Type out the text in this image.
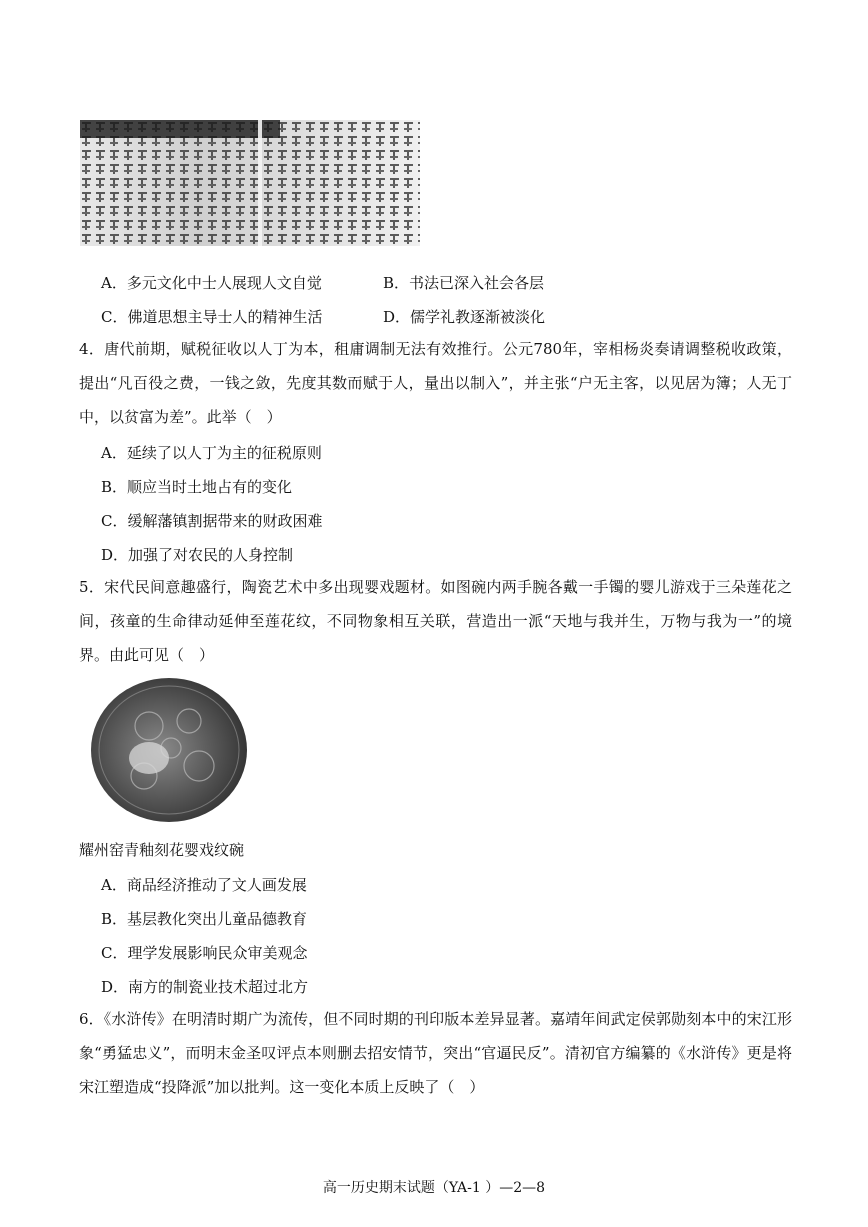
A．多元文化中士人展现人文自觉	B．书法已深入社会各层
C．佛道思想主导士人的精神生活	D．儒学礼教逐渐被淡化
4．唐代前期，赋税征收以人丁为本，租庸调制无法有效推行。公元780年，宰相杨炎奏请调整税收政策，提出“凡百役之费，一钱之敛，先度其数而赋于人，量出以制入”，并主张“户无主客，以见居为簿；人无丁中，以贫富为差”。此举（　）
A．延续了以人丁为主的征税原则
B．顺应当时土地占有的变化
C．缓解藩镇割据带来的财政困难
D．加强了对农民的人身控制
5．宋代民间意趣盛行，陶瓷艺术中多出现婴戏题材。如图碗内两手腕各戴一手镯的婴儿游戏于三朵莲花之间，孩童的生命律动延伸至莲花纹，不同物象相互关联，营造出一派“天地与我并生，万物与我为一”的境界。由此可见（　）
耀州窑青釉刻花婴戏纹碗
A．商品经济推动了文人画发展
B．基层教化突出儿童品德教育
C．理学发展影响民众审美观念
D．南方的制瓷业技术超过北方
6．《水浒传》在明清时期广为流传，但不同时期的刊印版本差异显著。嘉靖年间武定侯郭勋刻本中的宋江形象“勇猛忠义”，而明末金圣叹评点本则删去招安情节，突出“官逼民反”。清初官方编纂的《水浒传》更是将宋江塑造成“投降派”加以批判。这一变化本质上反映了（　）
高一历史期末试题（YA-1 ）—2—8
